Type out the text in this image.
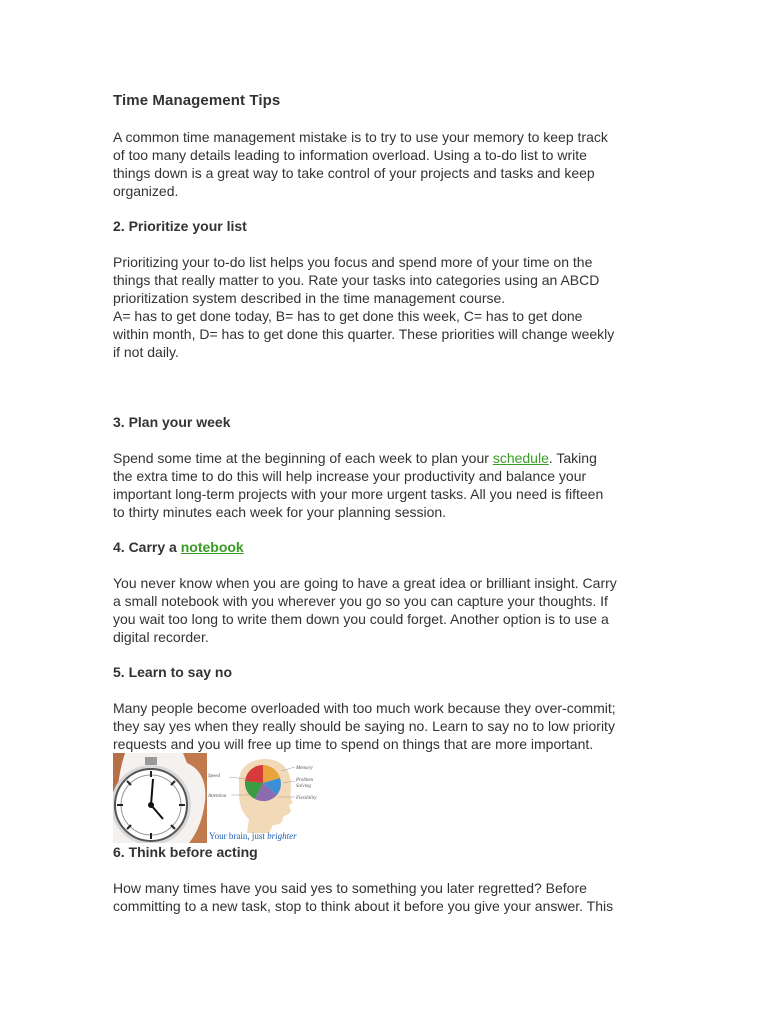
Time Management Tips

A common time management mistake is to try to use your memory to keep track
of too many details leading to information overload. Using a to-do list to write
things down is a great way to take control of your projects and tasks and keep
organized.

2. Prioritize your list

Prioritizing your to-do list helps you focus and spend more of your time on the
things that really matter to you. Rate your tasks into categories using an ABCD
prioritization system described in the time management course.
A= has to get done today, B= has to get done this week, C= has to get done
within month, D= has to get done this quarter. These priorities will change weekly
if not daily.

3. Plan your week

Spend some time at the beginning of each week to plan your schedule. Taking
the extra time to do this will help increase your productivity and balance your
important long-term projects with your more urgent tasks. All you need is fifteen
to thirty minutes each week for your planning session.

4. Carry a notebook

You never know when you are going to have a great idea or brilliant insight. Carry
a small notebook with you wherever you go so you can capture your thoughts. If
you wait too long to write them down you could forget. Another option is to use a
digital recorder.

5. Learn to say no

Many people become overloaded with too much work because they over-commit;
they say yes when they really should be saying no. Learn to say no to low priority
requests and you will free up time to spend on things that are more important.

Memory
Problem
Solving
Flexibility
Speed
Attention
Your brain, just brighter
6. Think before acting

How many times have you said yes to something you later regretted? Before
committing to a new task, stop to think about it before you give your answer. This
